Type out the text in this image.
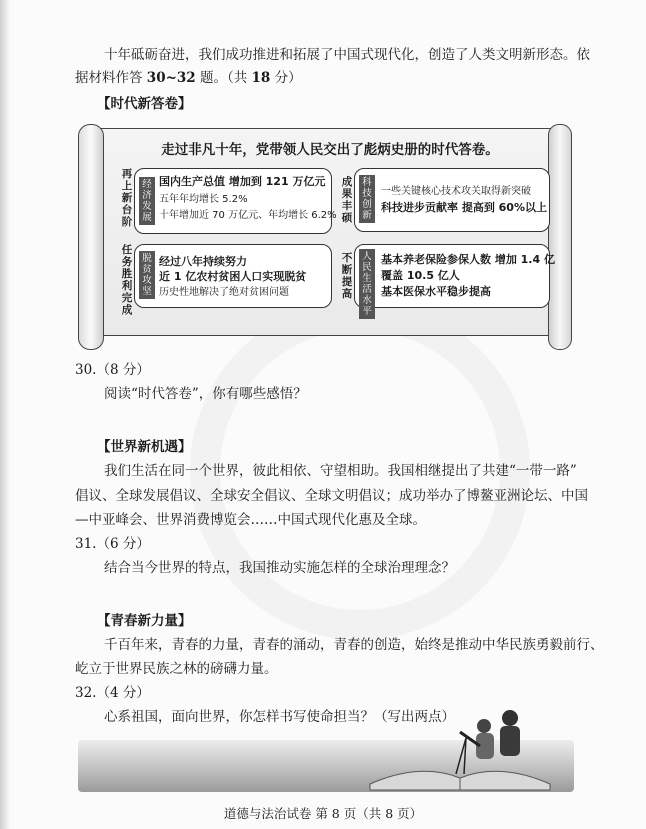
十年砥砺奋进，我们成功推进和拓展了中国式现代化，创造了人类文明新形态。依
据材料作答 30~32 题。（共 18 分）
【时代新答卷】
走过非凡十年，党带领人民交出了彪炳史册的时代答卷。
再上新台阶
任务胜利完成
成果丰硕
不断提高
经济发展
国内生产总值 增加到 121 万亿元
五年年均增长 5.2%
十年增加近 70 万亿元、年均增长 6.2%
科技创新
一些关键核心技术攻关取得新突破
科技进步贡献率 提高到 60%以上
脱贫攻坚
经过八年持续努力
近 1 亿农村贫困人口实现脱贫
历史性地解决了绝对贫困问题
人民生活水平
基本养老保险参保人数 增加 1.4 亿
覆盖 10.5 亿人
基本医保水平稳步提高
30.（8 分）
阅读“时代答卷”，你有哪些感悟？
【世界新机遇】
我们生活在同一个世界，彼此相依、守望相助。我国相继提出了共建“一带一路”
倡议、全球发展倡议、全球安全倡议、全球文明倡议；成功举办了博鳌亚洲论坛、中国
—中亚峰会、世界消费博览会……中国式现代化惠及全球。
31.（6 分）
结合当今世界的特点，我国推动实施怎样的全球治理理念？
【青春新力量】
千百年来，青春的力量，青春的涌动，青春的创造，始终是推动中华民族勇毅前行、
屹立于世界民族之林的磅礴力量。
32.（4 分）
心系祖国，面向世界，你怎样书写使命担当？（写出两点）
道德与法治试卷 第 8 页（共 8 页）
